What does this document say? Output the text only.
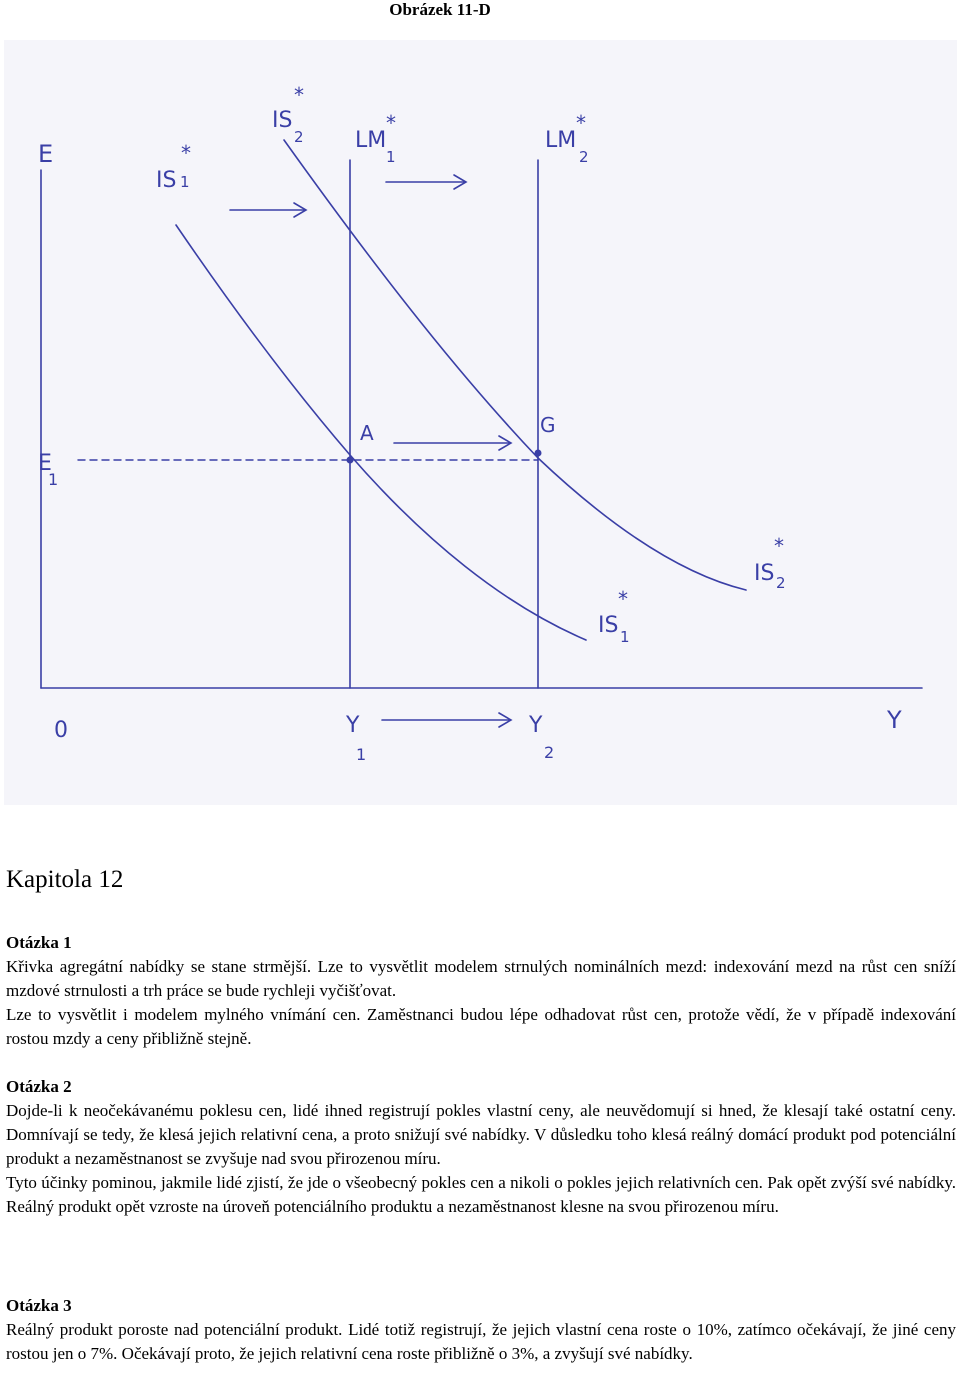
Obrázek 11-D
E
Y
0
E
1
IS
*
1
IS
*
2 LM
*
1
LM
*
2
IS
*
2
IS
*
1
A	G
Y
1
Y
2
Kapitola 12
Otázka 1

Křivka agregátní nabídky se stane strmější. Lze to vysvětlit modelem strnulých nominálních mezd: indexování mezd na růst cen sníží mzdové strnulosti a trh práce se bude rychleji vyčišťovat.

Lze to vysvětlit i modelem mylného vnímání cen. Zaměstnanci budou lépe odhadovat růst cen, protože vědí, že v případě indexování rostou mzdy a ceny přibližně stejně.

Otázka 2

Dojde-li k neočekávanému poklesu cen, lidé ihned registrují pokles vlastní ceny, ale neuvědomují si hned, že klesají také ostatní ceny. Domnívají se tedy, že klesá jejich relativní cena, a proto snižují své nabídky. V důsledku toho klesá reálný domácí produkt pod potenciální produkt a nezaměstnanost se zvyšuje nad svou přirozenou míru.

Tyto účinky pominou, jakmile lidé zjistí, že jde o všeobecný pokles cen a nikoli o pokles jejich relativních cen. Pak opět zvýší své nabídky. Reálný produkt opět vzroste na úroveň potenciálního produktu a nezaměstnanost klesne na svou přirozenou míru.

Otázka 3

Reálný produkt poroste nad potenciální produkt. Lidé totiž registrují, že jejich vlastní cena roste o 10%, zatímco očekávají, že jiné ceny rostou jen o 7%. Očekávají proto, že jejich relativní cena roste přibližně o 3%, a zvyšují své nabídky.
